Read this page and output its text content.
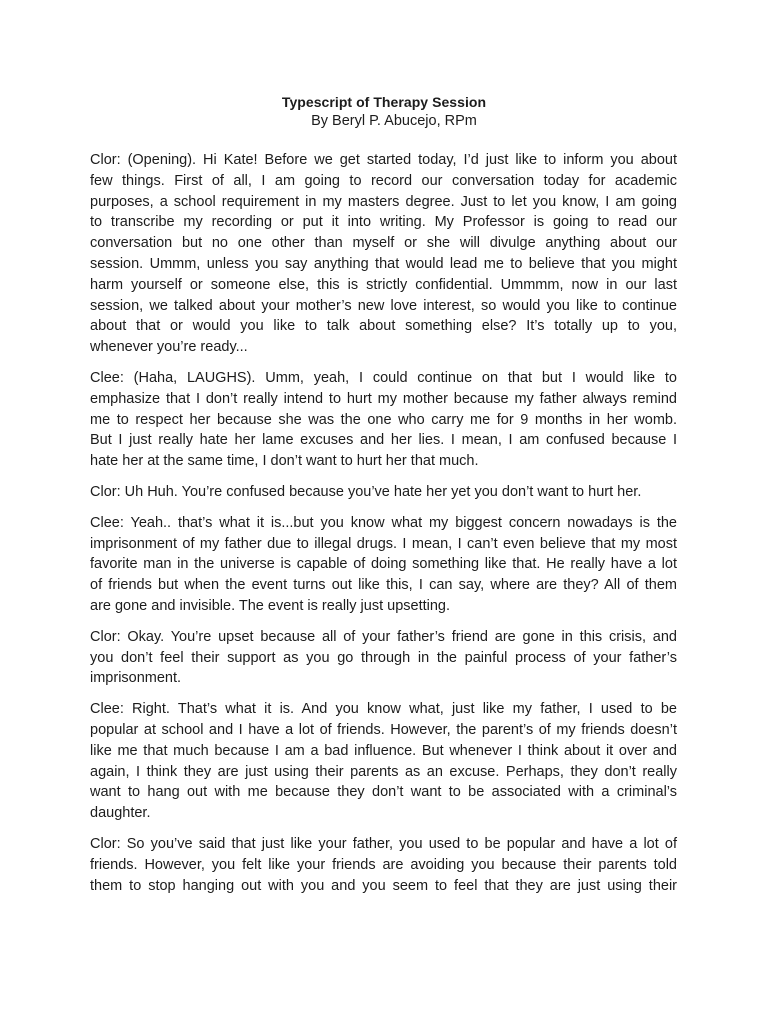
Typescript of Therapy Session
By Beryl P. Abucejo, RPm
Clor: (Opening). Hi Kate! Before we get started today, I’d just like to inform you about
few things. First of all, I am going to record our conversation today for academic
purposes, a school requirement in my masters degree. Just to let you know, I am going
to transcribe my recording or put it into writing. My Professor is going to read our
conversation but no one other than myself or she will divulge anything about our
session. Ummm, unless you say anything that would lead me to believe that you might
harm yourself or someone else, this is strictly confidential. Ummmm, now in our last
session, we talked about your mother’s new love interest, so would you like to continue
about that or would you like to talk about something else? It’s totally up to you,
whenever you’re ready...
Clee: (Haha, LAUGHS). Umm, yeah, I could continue on that but I would like to
emphasize that I don’t really intend to hurt my mother because my father always remind
me to respect her because she was the one who carry me for 9 months in her womb.
But I just really hate her lame excuses and her lies. I mean, I am confused because I
hate her at the same time, I don’t want to hurt her that much.
Clor: Uh Huh. You’re confused because you’ve hate her yet you don’t want to hurt her.
Clee: Yeah.. that’s what it is...but you know what my biggest concern nowadays is the
imprisonment of my father due to illegal drugs. I mean, I can’t even believe that my most
favorite man in the universe is capable of doing something like that. He really have a lot
of friends but when the event turns out like this, I can say, where are they? All of them
are gone and invisible. The event is really just upsetting.
Clor: Okay. You’re upset because all of your father’s friend are gone in this crisis, and
you don’t feel their support as you go through in the painful process of your father’s
imprisonment.
Clee: Right. That’s what it is. And you know what, just like my father, I used to be
popular at school and I have a lot of friends. However, the parent’s of my friends doesn’t
like me that much because I am a bad influence. But whenever I think about it over and
again, I think they are just using their parents as an excuse. Perhaps, they don’t really
want to hang out with me because they don’t want to be associated with a criminal’s
daughter.
Clor: So you’ve said that just like your father, you used to be popular and have a lot of
friends. However, you felt like your friends are avoiding you because their parents told
them to stop hanging out with you and you seem to feel that they are just using their
